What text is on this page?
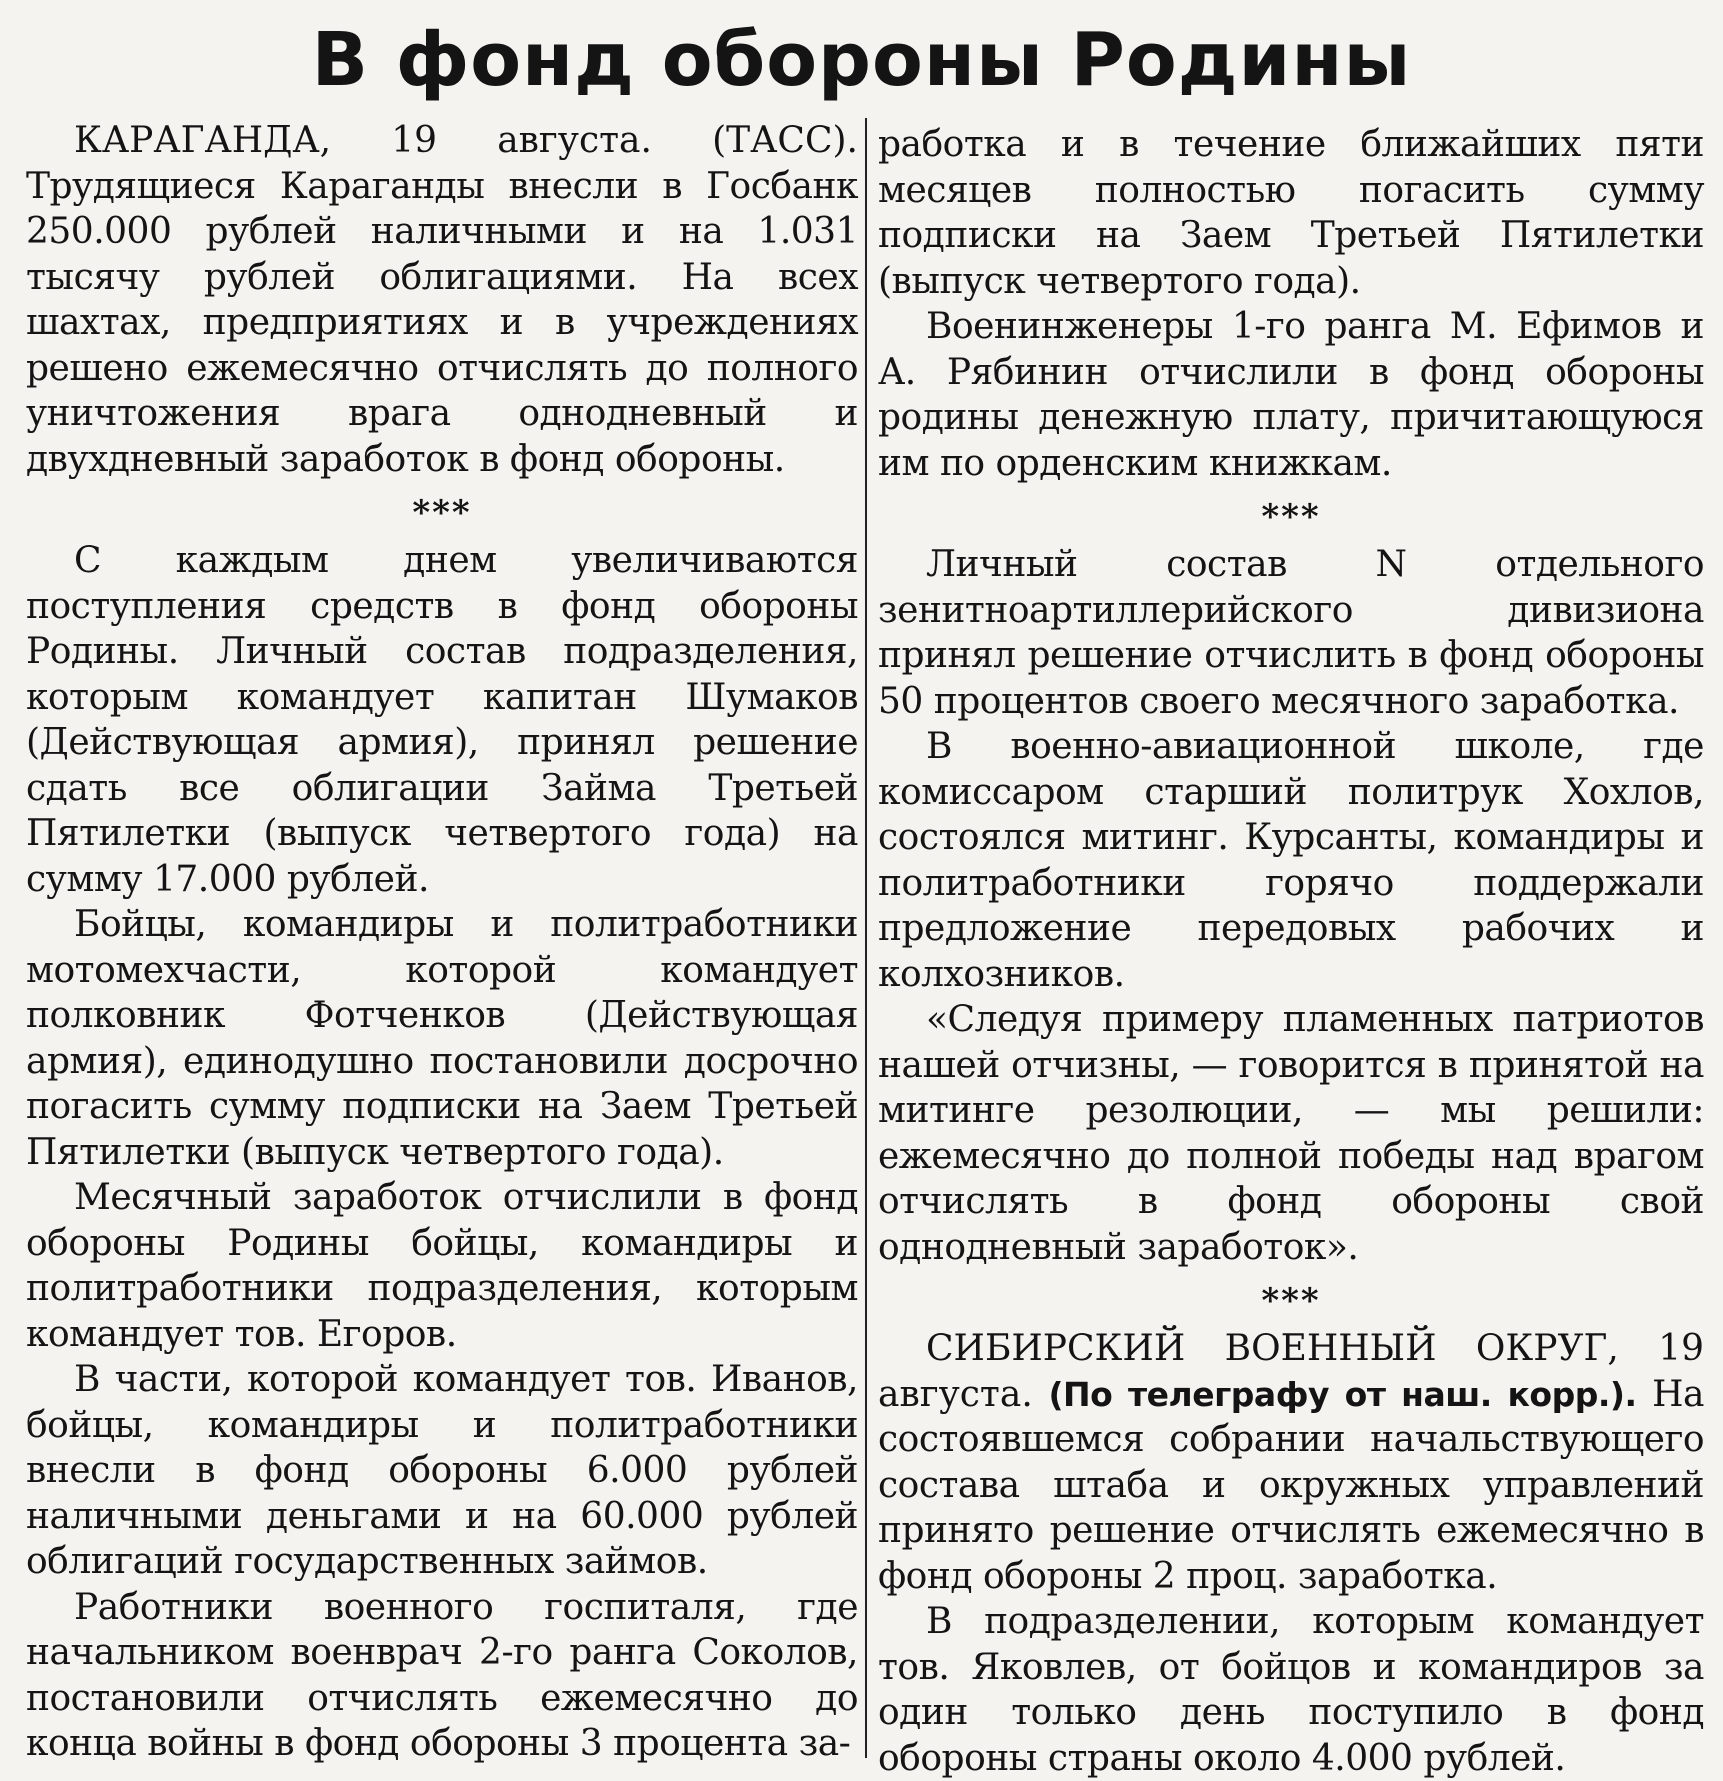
В фонд обороны Родины

КАРАГАНДА, 19 августа. (ТАСС). Трудящиеся Караганды внесли в Госбанк 250.000 рублей наличными и на 1.031 тысячу рублей облигациями. На всех шахтах, предприятиях и в учреждениях решено ежемесячно отчислять до полного уничтожения врага однодневный и двухдневный заработок в фонд обороны.

***

С каждым днем увеличиваются поступления средств в фонд обороны Родины. Личный состав подразделения, которым командует капитан Шумаков (Действующая армия), принял решение сдать все облигации Займа Третьей Пятилетки (выпуск четвертого года) на сумму 17.000 рублей.

Бойцы, командиры и политработники мотомехчасти, которой командует полковник Фотченков (Действующая армия), единодушно постановили досрочно погасить сумму подписки на Заем Третьей Пятилетки (выпуск четвертого года).

Месячный заработок отчислили в фонд обороны Родины бойцы, командиры и политработники подразделения, которым командует тов. Егоров.

В части, которой командует тов. Иванов, бойцы, командиры и политработники внесли в фонд обороны 6.000 рублей наличными деньгами и на 60.000 рублей облигаций государственных займов.

Работники военного госпиталя, где начальником военврач 2-го ранга Соколов, постановили отчислять ежемесячно до конца войны в фонд обороны 3 процента за-

работка и в течение ближайших пяти месяцев полностью погасить сумму подписки на Заем Третьей Пятилетки (выпуск четвертого года).

Военинженеры 1-го ранга М. Ефимов и А. Рябинин отчислили в фонд обороны родины денежную плату, причитающуюся им по орденским книжкам.

***

Личный состав N отдельного зенитноартиллерийского дивизиона принял решение отчислить в фонд обороны 50 процентов своего месячного заработка.

В военно-авиационной школе, где комиссаром старший политрук Хохлов, состоялся митинг. Курсанты, командиры и политработники горячо поддержали предложение передовых рабочих и колхозников.

«Следуя примеру пламенных патриотов нашей отчизны, — говорится в принятой на митинге резолюции, — мы решили: ежемесячно до полной победы над врагом отчислять в фонд обороны свой однодневный заработок».

***

СИБИРСКИЙ ВОЕННЫЙ ОКРУГ, 19 августа. (По телеграфу от наш. корр.). На состоявшемся собрании начальствующего состава штаба и окружных управлений принято решение отчислять ежемесячно в фонд обороны 2 проц. заработка.

В подразделении, которым командует тов. Яковлев, от бойцов и командиров за один только день поступило в фонд обороны страны около 4.000 рублей.
